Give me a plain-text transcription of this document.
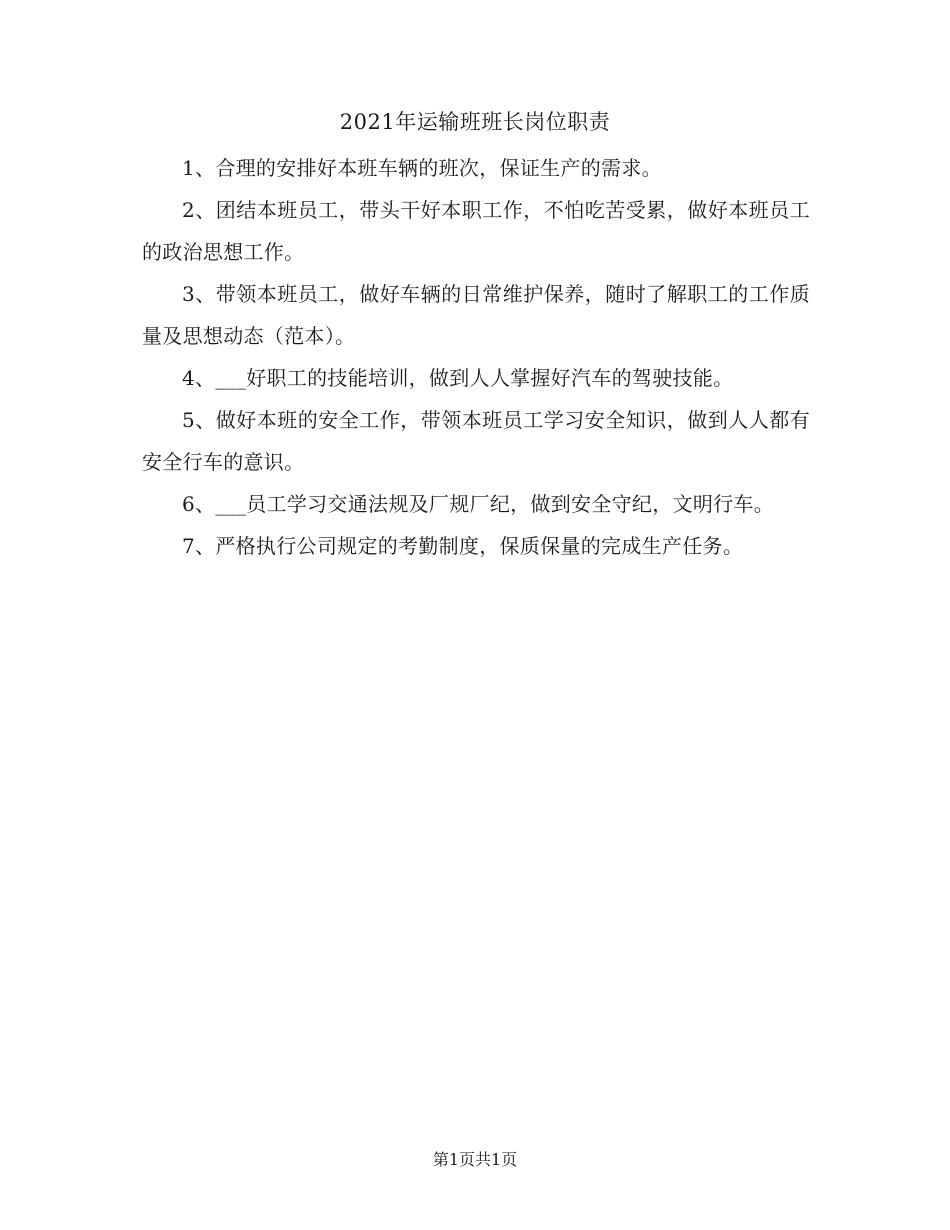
2021年运输班班长岗位职责

1、合理的安排好本班车辆的班次，保证生产的需求。

2、团结本班员工，带头干好本职工作，不怕吃苦受累，做好本班员工的政治思想工作。

3、带领本班员工，做好车辆的日常维护保养，随时了解职工的工作质量及思想动态（范本）。

4、___好职工的技能培训，做到人人掌握好汽车的驾驶技能。

5、做好本班的安全工作，带领本班员工学习安全知识，做到人人都有安全行车的意识。

6、___员工学习交通法规及厂规厂纪，做到安全守纪，文明行车。

7、严格执行公司规定的考勤制度，保质保量的完成生产任务。

第1页共1页
